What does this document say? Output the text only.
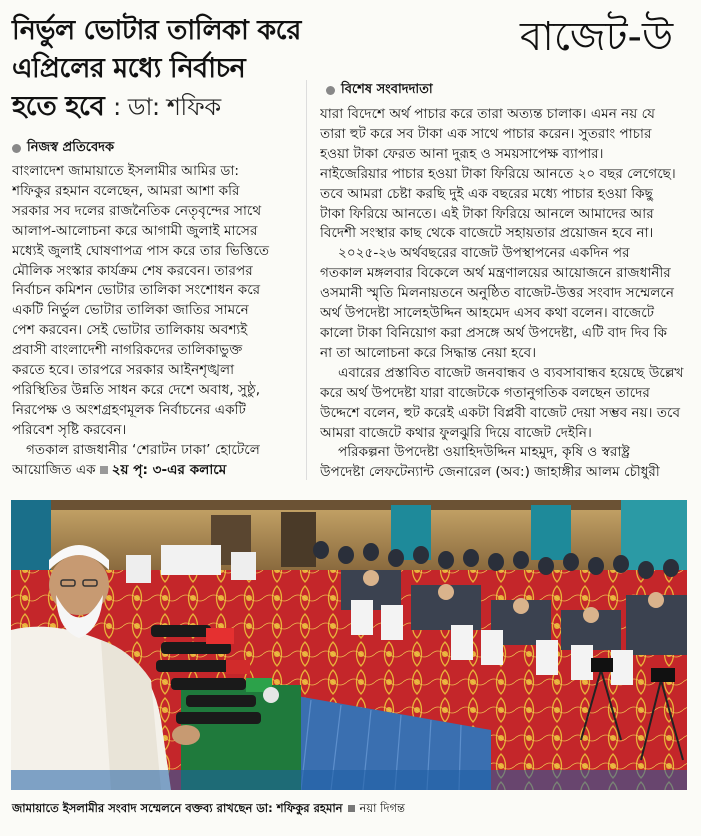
নির্ভুল ভোটার তালিকা করে
এপ্রিলের মধ্যে নির্বাচন
হতে হবে : ডা: শফিক
নিজস্ব প্রতিবেদক
বাংলাদেশ জামায়াতে ইসলামীর আমির ডা:
শফিকুর রহমান বলেছেন, আমরা আশা করি
সরকার সব দলের রাজনৈতিক নেতৃবৃন্দের সাথে
আলাপ-আলোচনা করে আগামী জুলাই মাসের
মধ্যেই জুলাই ঘোষণাপত্র পাস করে তার ভিত্তিতে
মৌলিক সংস্কার কার্যক্রম শেষ করবেন। তারপর
নির্বাচন কমিশন ভোটার তালিকা সংশোধন করে
একটি নির্ভুল ভোটার তালিকা জাতির সামনে
পেশ করবেন। সেই ভোটার তালিকায় অবশ্যই
প্রবাসী বাংলাদেশী নাগরিকদের তালিকাভুক্ত
করতে হবে। তারপরে সরকার আইনশৃঙ্খলা
পরিস্থিতির উন্নতি সাধন করে দেশে অবাধ, সুষ্ঠু,
নিরপেক্ষ ও অংশগ্রহণমূলক নির্বাচনের একটি
পরিবেশ সৃষ্টি করবেন।
গতকাল রাজধানীর ‘শেরাটন ঢাকা’ হোটেলে
আয়োজিত এক ২য় পৃ: ৩-এর কলামে
বাজেট-উ
বিশেষ সংবাদদাতা
যারা বিদেশে অর্থ পাচার করে তারা অত্যন্ত চালাক। এমন নয় যে
তারা হুট করে সব টাকা এক সাথে পাচার করেন। সুতরাং পাচার
হওয়া টাকা ফেরত আনা দুরূহ ও সময়সাপেক্ষ ব্যাপার।
নাইজেরিয়ার পাচার হওয়া টাকা ফিরিয়ে আনতে ২০ বছর লেগেছে।
তবে আমরা চেষ্টা করছি দুই এক বছরের মধ্যে পাচার হওয়া কিছু
টাকা ফিরিয়ে আনতে। এই টাকা ফিরিয়ে আনলে আমাদের আর
বিদেশী সংস্থার কাছ থেকে বাজেটে সহায়তার প্রয়োজন হবে না।
২০২৫-২৬ অর্থবছরের বাজেট উপস্থাপনের একদিন পর
গতকাল মঙ্গলবার বিকেলে অর্থ মন্ত্রণালয়ের আয়োজনে রাজধানীর
ওসমানী স্মৃতি মিলনায়তনে অনুষ্ঠিত বাজেট-উত্তর সংবাদ সম্মেলনে
অর্থ উপদেষ্টা সালেহউদ্দিন আহমেদ এসব কথা বলেন। বাজেটে
কালো টাকা বিনিয়োগ করা প্রসঙ্গে অর্থ উপদেষ্টা, এটি বাদ দিব কি
না তা আলোচনা করে সিদ্ধান্ত নেয়া হবে।
এবারের প্রস্তাবিত বাজেট জনবান্ধব ও ব্যবসাবান্ধব হয়েছে উল্লেখ
করে অর্থ উপদেষ্টা যারা বাজেটকে গতানুগতিক বলছেন তাদের
উদ্দেশে বলেন, হুট করেই একটা বিপ্লবী বাজেট দেয়া সম্ভব নয়। তবে
আমরা বাজেটে কথার ফুলঝুরি দিয়ে বাজেট দেইনি।
পরিকল্পনা উপদেষ্টা ওয়াহিদউদ্দিন মাহমুদ, কৃষি ও স্বরাষ্ট্র
উপদেষ্টা লেফটেন্যান্ট জেনারেল (অব:) জাহাঙ্গীর আলম চৌধুরী
জামায়াতে ইসলামীর সংবাদ সম্মেলনে বক্তব্য রাখছেন ডা: শফিকুর রহমান নয়া দিগন্ত
